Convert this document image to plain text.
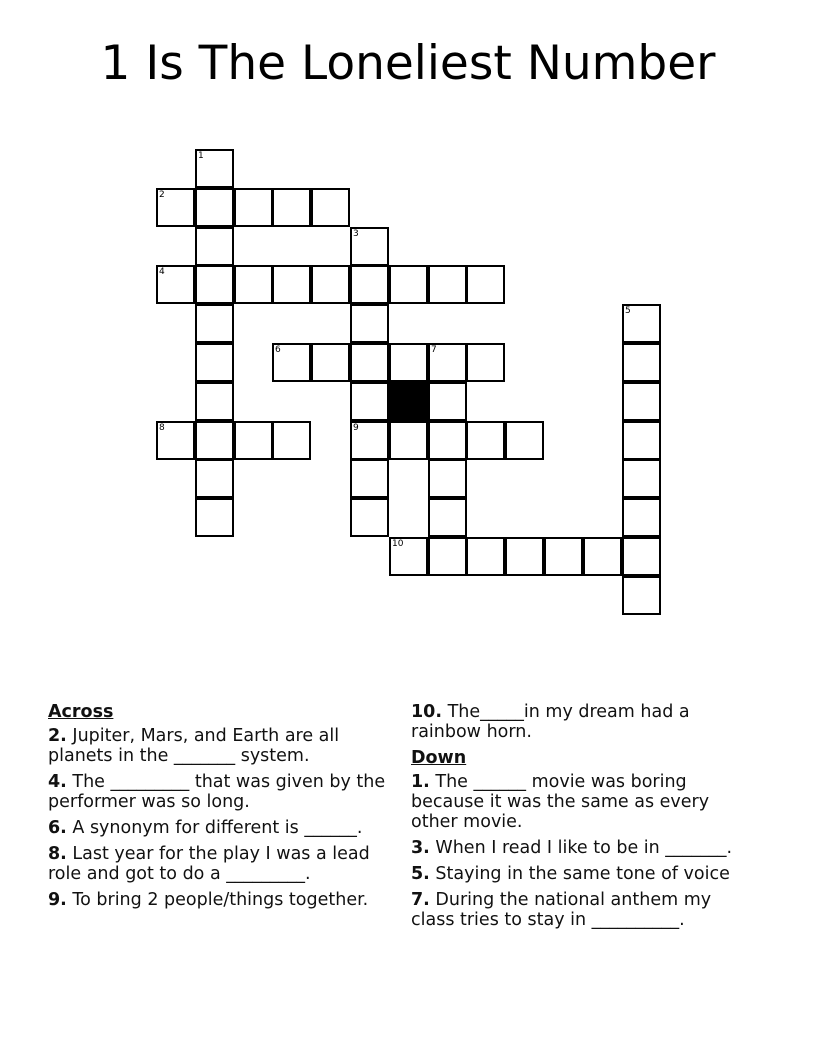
1 Is The Loneliest Number
1
2
3
4
5
6	7
8	9
10
Across
2. Jupiter, Mars, and Earth are all planets in the _______ system.
4. The _________ that was given by the performer was so long.
6. A synonym for different is ______.
8. Last year for the play I was a lead role and got to do a _________.
9. To bring 2 people/things together.
10. The_____in my dream had a rainbow horn.
Down
1. The ______ movie was boring because it was the same as every other movie.
3. When I read I like to be in _______.
5. Staying in the same tone of voice
7. During the national anthem my class tries to stay in __________.
